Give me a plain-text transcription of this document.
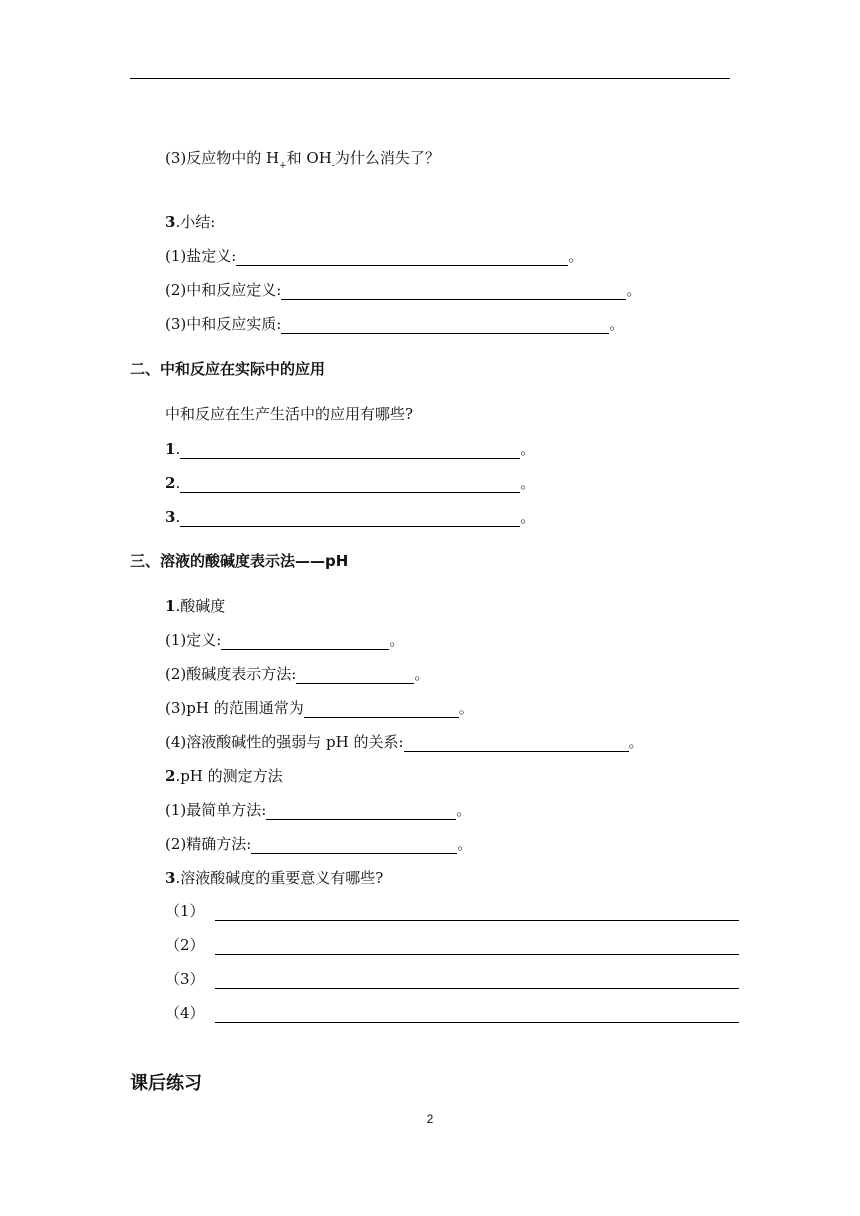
(3)反应物中的 H+ 和 OH- 为什么消失了？
3 .小结:
(1)盐定义:	。
(2)中和反应定义:	。
(3)中和反应实质:	。
二、中和反应在实际中的应用
中和反应在生产生活中的应用有哪些?
1 .	。
2 .	。
3 .	。
三、溶液的酸碱度表示法——pH
1 .酸碱度
(1)定义:	。
(2)酸碱度表示方法:	。
(3)pH 的范围通常为	。
(4)溶液酸碱性的强弱与 pH 的关系:	。
2 .pH 的测定方法
(1)最简单方法:	。
(2)精确方法:	。
3 .溶液酸碱度的重要意义有哪些?
（1）
（2）
（3）
（4）
课后练习
2
